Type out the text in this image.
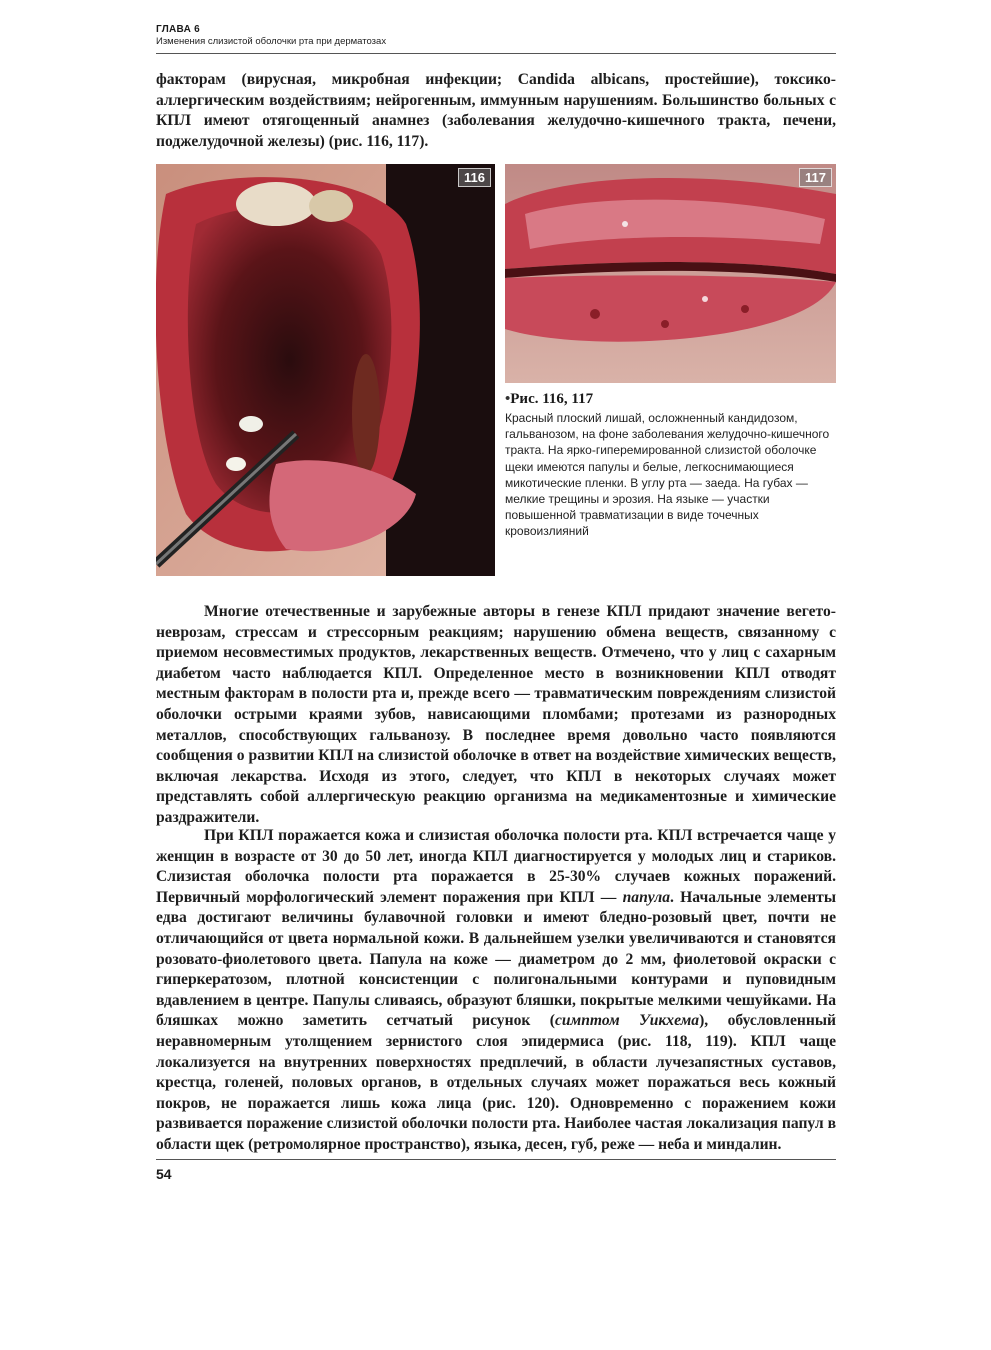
ГЛАВА 6
Изменения слизистой оболочки рта при дерматозах

факторам (вирусная, микробная инфекции; Candida albicans, простейшие), токсико-аллергическим воздействиям; нейрогенным, иммунным нарушениям. Большинство больных с КПЛ имеют отягощенный анамнез (заболевания желудочно-кишечного тракта, печени, поджелудочной железы) (рис. 116, 117).

116	117
•Рис. 116, 117
Красный плоский лишай, осложненный кандидозом, гальванозом, на фоне заболевания желудочно-кишечного тракта. На ярко-гиперемированной слизистой оболочке щеки имеются папулы и белые, легкоснимающиеся микотические пленки. В углу рта — заеда. На губах — мелкие трещины и эрозия. На языке — участки повышенной травматизации в виде точечных кровоизлияний

Многие отечественные и зарубежные авторы в генезе КПЛ придают значение вегето-неврозам, стрессам и стрессорным реакциям; нарушению обмена веществ, связанному с приемом несовместимых продуктов, лекарственных веществ. Отмечено, что у лиц с сахарным диабетом часто наблюдается КПЛ. Определенное место в возникновении КПЛ отводят местным факторам в полости рта и, прежде всего — травматическим повреждениям слизистой оболочки острыми краями зубов, нависающими пломбами; протезами из разнородных металлов, способствующих гальванозу. В последнее время довольно часто появляются сообщения о развитии КПЛ на слизистой оболочке в ответ на воздействие химических веществ, включая лекарства. Исходя из этого, следует, что КПЛ в некоторых случаях может представлять собой аллергическую реакцию организма на медикаментозные и химические раздражители.

При КПЛ поражается кожа и слизистая оболочка полости рта. КПЛ встречается чаще у женщин в возрасте от 30 до 50 лет, иногда КПЛ диагностируется у молодых лиц и стариков. Слизистая оболочка полости рта поражается в 25-30% случаев кожных поражений. Первичный морфологический элемент поражения при КПЛ — папула. Начальные элементы едва достигают величины булавочной головки и имеют бледно-розовый цвет, почти не отличающийся от цвета нормальной кожи. В дальнейшем узелки увеличиваются и становятся розовато-фиолетового цвета. Папула на коже — диаметром до 2 мм, фиолетовой окраски с гиперкератозом, плотной консистенции с полигональными контурами и пуповидным вдавлением в центре. Папулы сливаясь, образуют бляшки, покрытые мелкими чешуйками. На бляшках можно заметить сетчатый рисунок (симптом Уикхема), обусловленный неравномерным утолщением зернистого слоя эпидермиса (рис. 118, 119). КПЛ чаще локализуется на внутренних поверхностях предплечий, в области лучезапястных суставов, крестца, голеней, половых органов, в отдельных случаях может поражаться весь кожный покров, не поражается лишь кожа лица (рис. 120). Одновременно с поражением кожи развивается поражение слизистой оболочки полости рта. Наиболее частая локализация папул в области щек (ретромолярное пространство), языка, десен, губ, реже — неба и миндалин.

54
